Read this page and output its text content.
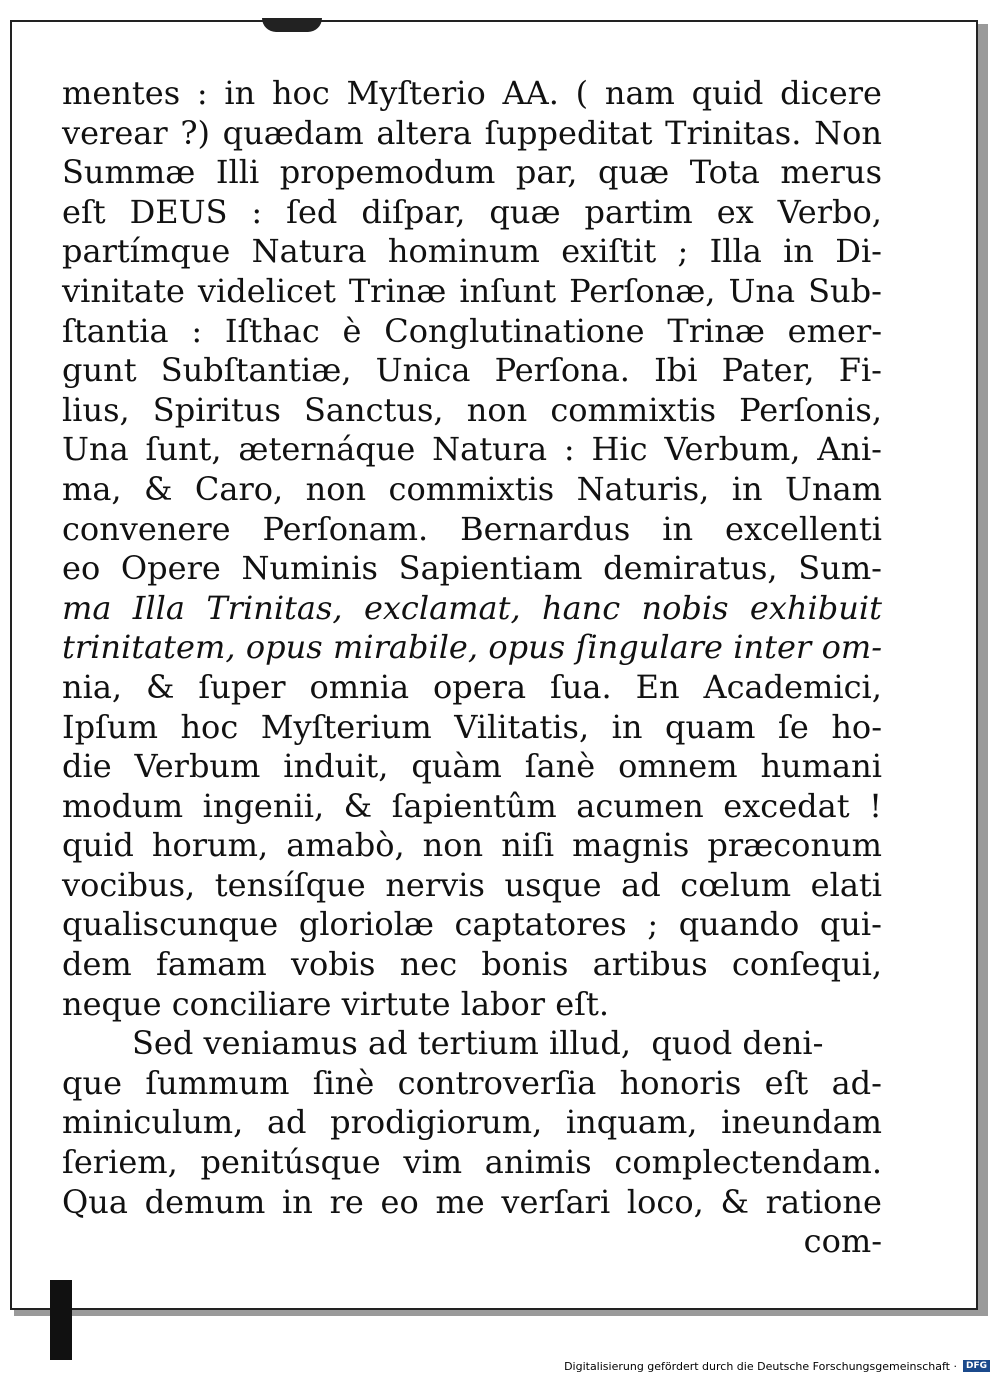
mentes : in hoc Myſterio AA. ( nam quid dicere
verear ?) quædam altera ſuppeditat Trinitas. Non
Summæ Illi propemodum par, quæ Tota merus
eſt DEUS : ſed diſpar, quæ partim ex Verbo,
partímque Natura hominum exiſtit ; Illa in Di-
vinitate videlicet Trinæ inſunt Perſonæ, Una Sub-
ſtantia : Iſthac è Conglutinatione Trinæ emer-
gunt Subſtantiæ, Unica Perſona. Ibi Pater, Fi-
lius, Spiritus Sanctus, non commixtis Perſonis,
Una ſunt, æternáque Natura : Hic Verbum, Ani-
ma, & Caro, non commixtis Naturis, in Unam
convenere Perſonam. Bernardus in excellenti
eo Opere Numinis Sapientiam demiratus, Sum-
ma Illa Trinitas, exclamat, hanc nobis exhibuit
trinitatem, opus mirabile, opus ſingulare inter om-
nia, & ſuper omnia opera ſua. En Academici,
Ipſum hoc Myſterium Vilitatis, in quam ſe ho-
die Verbum induit, quàm ſanè omnem humani
modum ingenii, & ſapientûm acumen excedat !
quid horum, amabò, non niſi magnis præconum
vocibus, tensíſque nervis usque ad cœlum elati
qualiscunque gloriolæ captatores ; quando qui-
dem famam vobis nec bonis artibus conſequi,
neque conciliare virtute labor eſt.
Sed veniamus ad tertium illud,  quod deni-
que ſummum ſinè controverſia honoris eſt ad-
miniculum, ad prodigiorum, inquam, ineundam
ſeriem, penitúsque vim animis complectendam.
Qua demum in re eo me verſari loco, & ratione
com-
Digitalisierung gefördert durch die Deutsche Forschungsgemeinschaft ·	DFG
